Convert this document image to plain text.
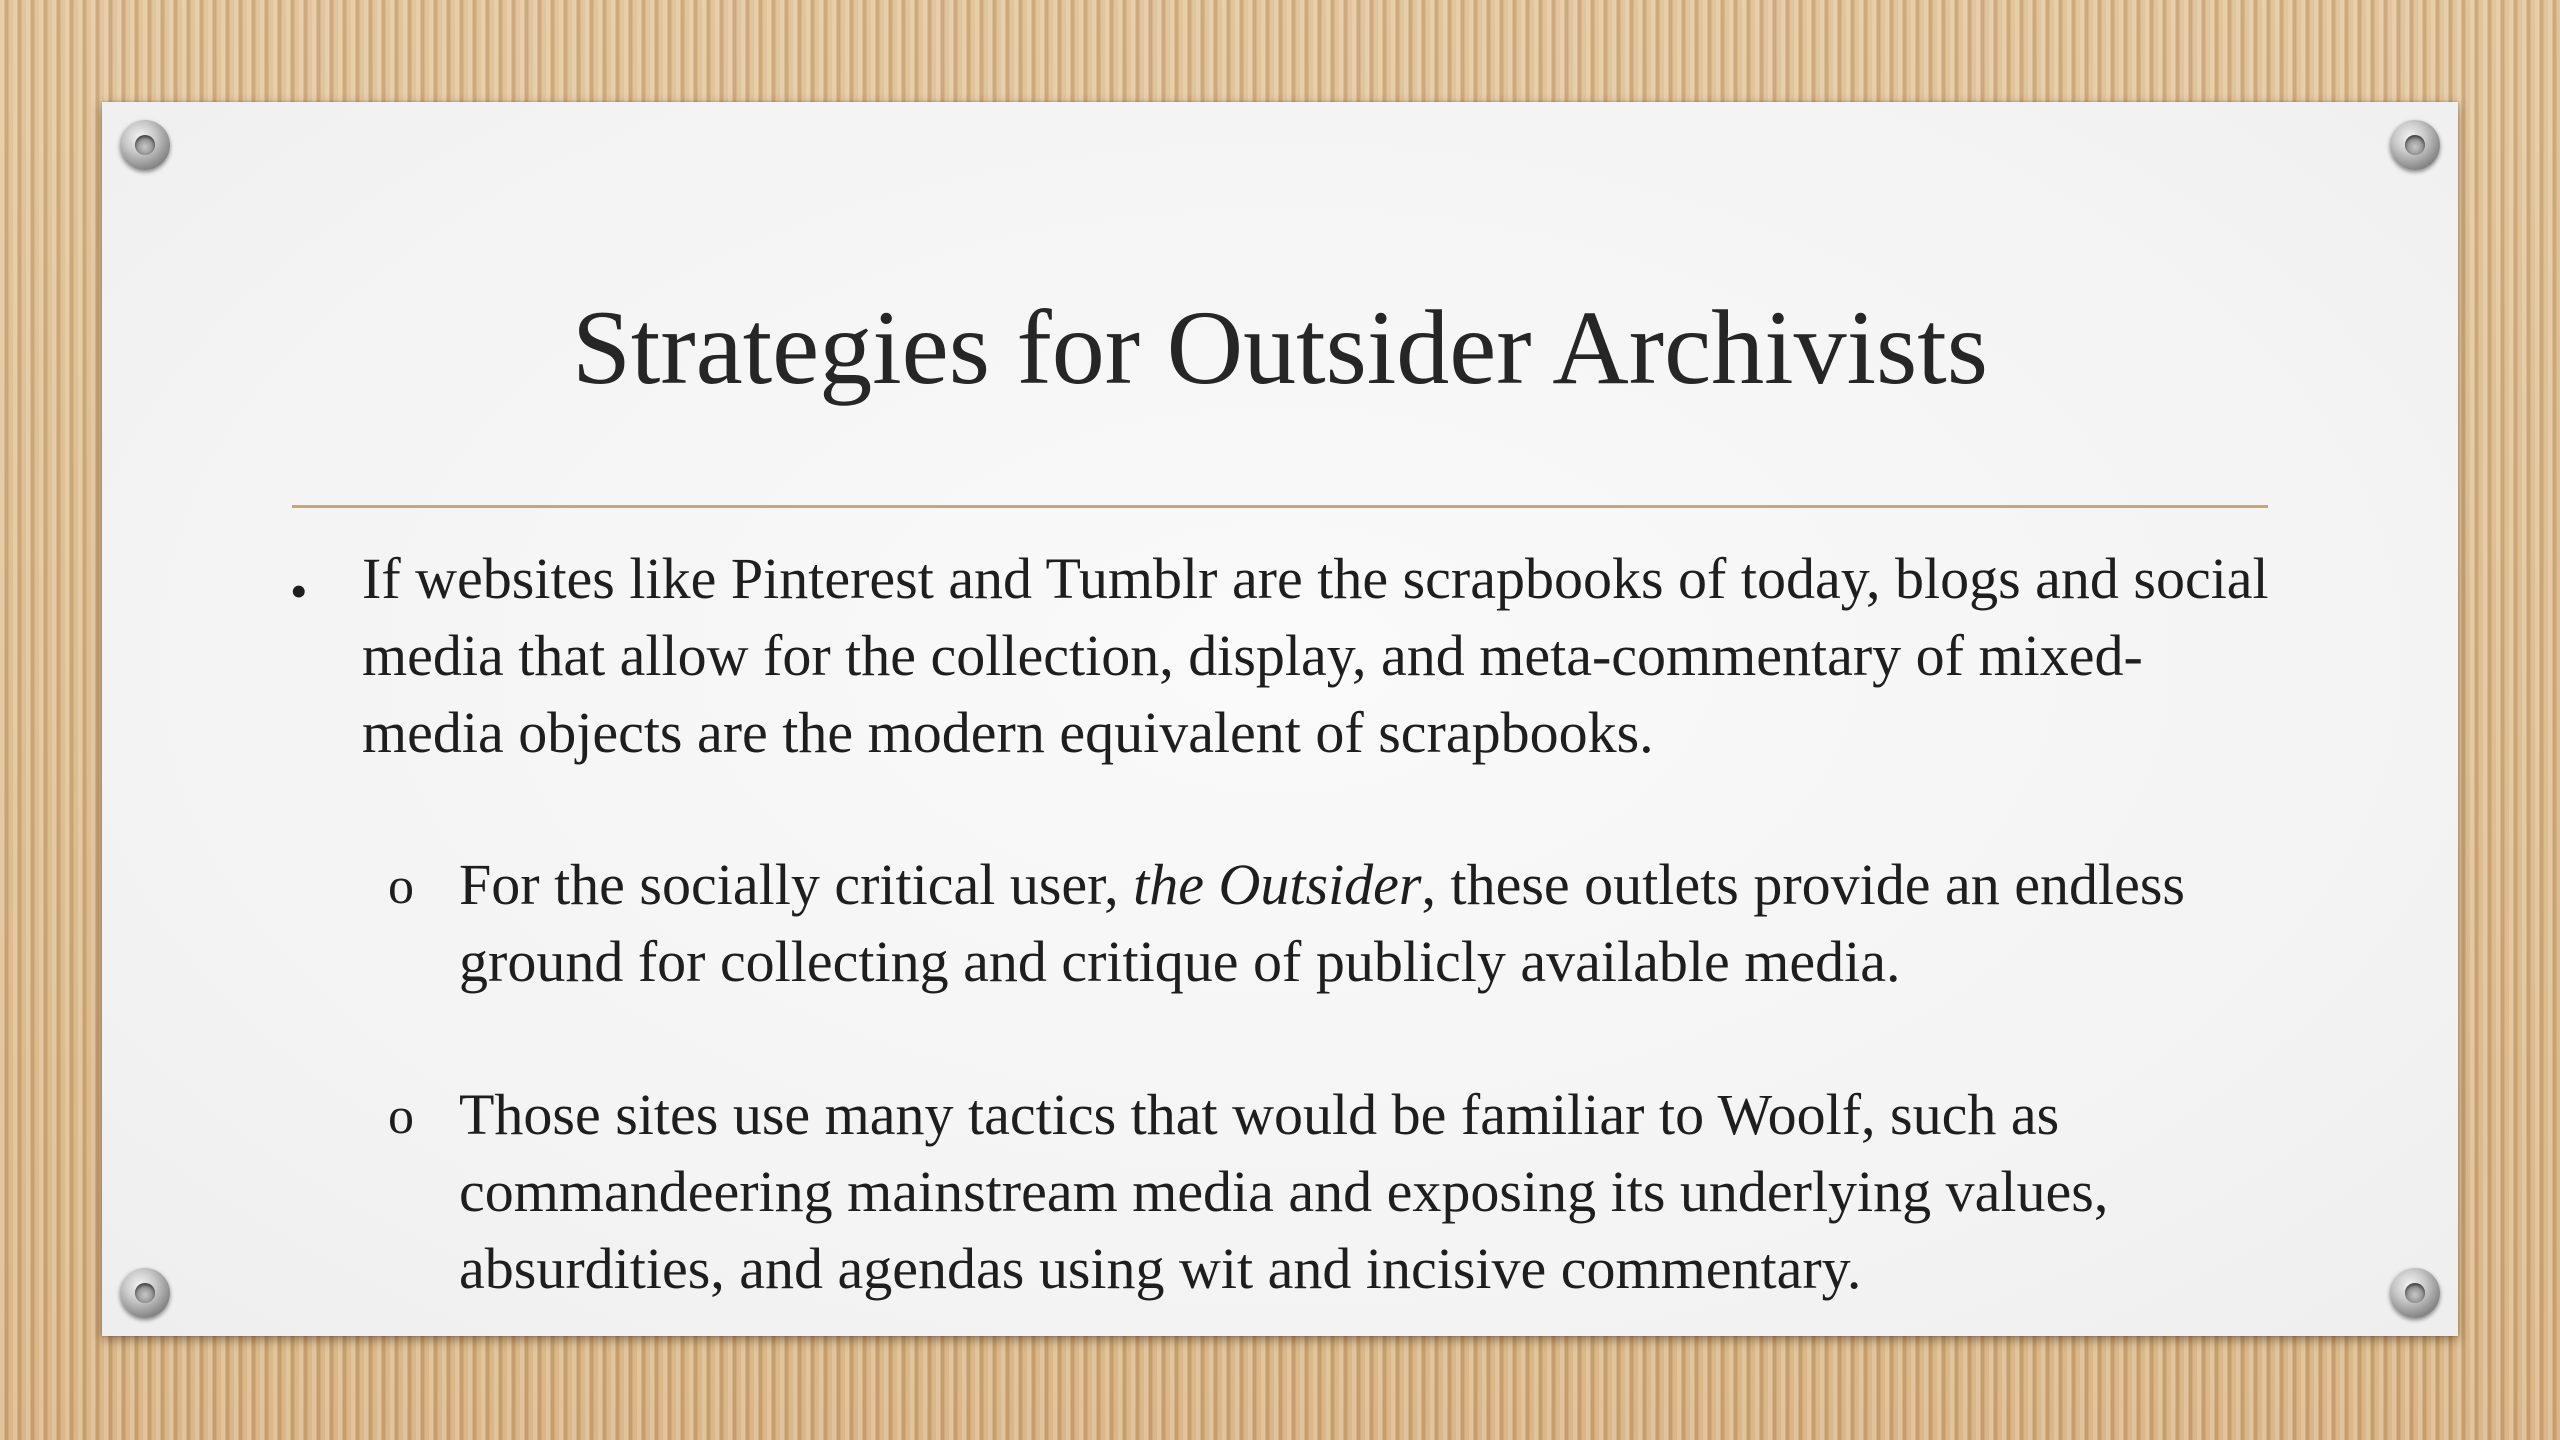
Strategies for Outsider Archivists
• If websites like Pinterest and Tumblr are the scrapbooks of today, blogs and social media that allow for the collection, display, and meta-commentary of mixed-media objects are the modern equivalent of scrapbooks.

o For the socially critical user, the Outsider, these outlets provide an endless ground for collecting and critique of publicly available media.

o Those sites use many tactics that would be familiar to Woolf, such as commandeering mainstream media and exposing its underlying values, absurdities, and agendas using wit and incisive commentary.
